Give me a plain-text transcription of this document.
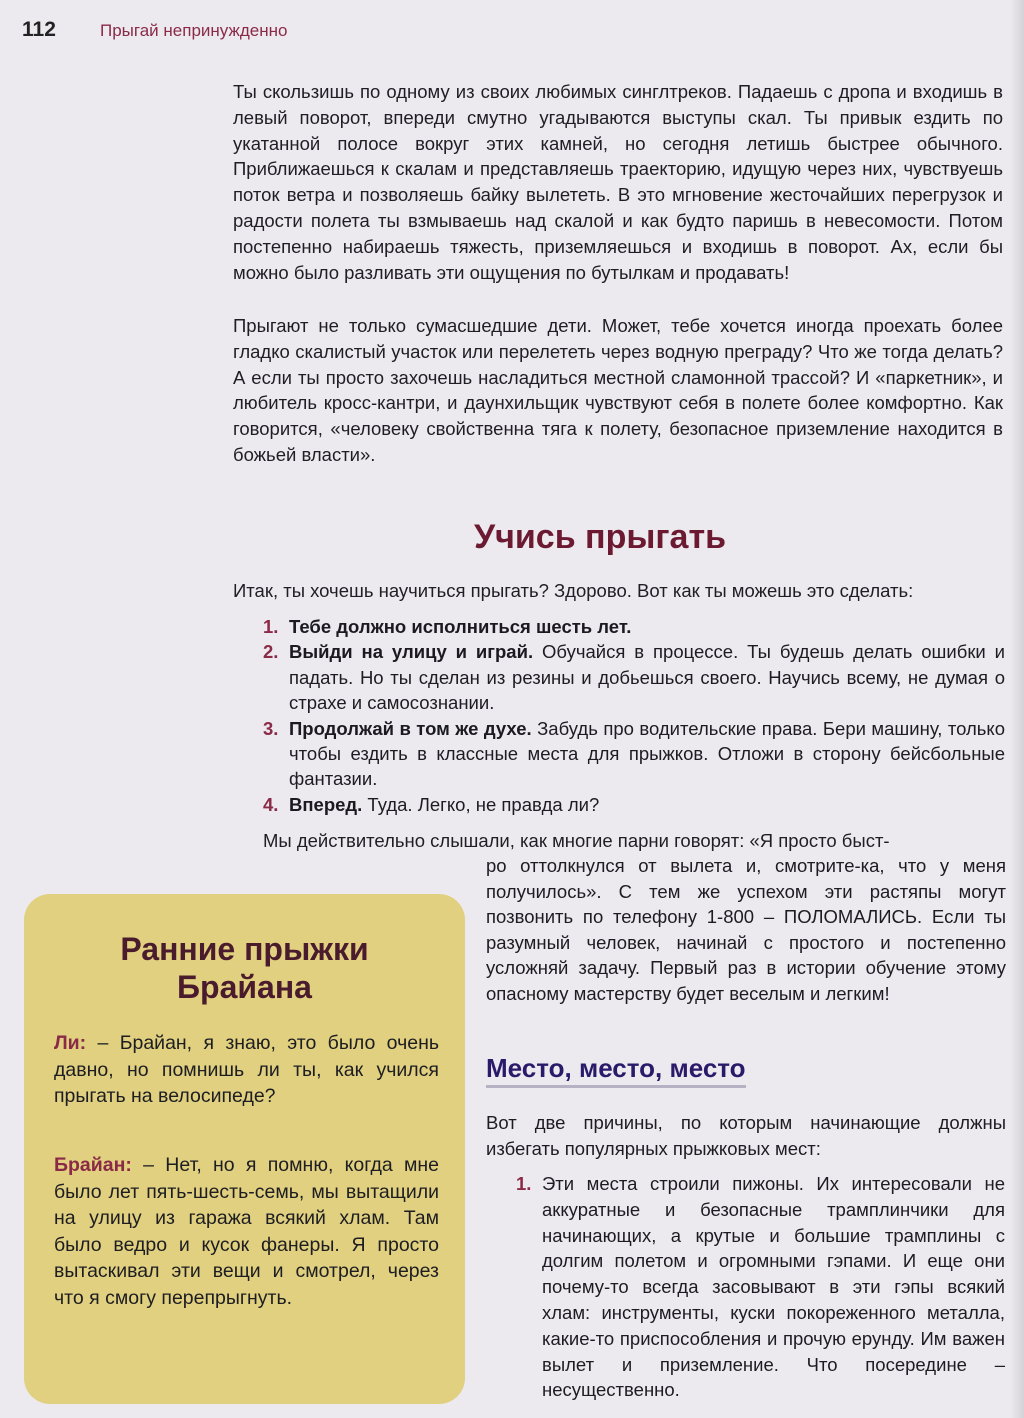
112	Прыгай непринужденно

Ты скользишь по одному из своих любимых синглтреков. Падаешь с дропа и входишь в левый поворот, впереди смутно угадываются выступы скал. Ты привык ездить по укатанной полосе вокруг этих камней, но сегодня летишь быстрее обычного. Приближаешься к скалам и представляешь траекторию, идущую через них, чувствуешь поток ветра и позволяешь байку вылететь. В это мгновение жесточайших перегрузок и радости полета ты взмываешь над скалой и как будто паришь в невесомости. Потом постепенно набираешь тяжесть, приземляешься и входишь в поворот. Ах, если бы можно было разливать эти ощущения по бутылкам и продавать!

Прыгают не только сумасшедшие дети. Может, тебе хочется иногда проехать более гладко скалистый участок или перелететь через водную преграду? Что же тогда делать? А если ты просто захочешь насладиться местной сламонной трассой? И «паркетник», и любитель кросс-кантри, и даунхильщик чувствуют себя в полете более комфортно. Как говорится, «человеку свойственна тяга к полету, безопасное приземление находится в божьей власти».

Учись прыгать

Итак, ты хочешь научиться прыгать? Здорово. Вот как ты можешь это сделать:

1. Тебе должно исполниться шесть лет.
2. Выйди на улицу и играй. Обучайся в процессе. Ты будешь делать ошибки и падать. Но ты сделан из резины и добьешься своего. Научись всему, не думая о страхе и самосознании.
3. Продолжай в том же духе. Забудь про водительские права. Бери машину, только чтобы ездить в классные места для прыжков. Отложи в сторону бейсбольные фантазии.
4. Вперед. Туда. Легко, не правда ли?

Мы действительно слышали, как многие парни говорят: «Я просто быст-

ро оттолкнулся от вылета и, смотрите-ка, что у меня получилось». С тем же успехом эти растяпы могут позвонить по телефону 1-800 – ПОЛОМАЛИСЬ. Если ты разумный человек, начинай с простого и постепенно усложняй задачу. Первый раз в истории обучение этому опасному мастерству будет веселым и легким!

Ранние прыжки
Брайана

Ли: – Брайан, я знаю, это было очень давно, но помнишь ли ты, как учился прыгать на велосипеде?

Брайан: – Нет, но я помню, когда мне было лет пять-шесть-семь, мы вытащили на улицу из гаража всякий хлам. Там было ведро и кусок фанеры. Я просто вытаскивал эти вещи и смотрел, через что я смогу перепрыгнуть.

Место, место, место

Вот две причины, по которым начинающие должны избегать популярных прыжковых мест:

1. Эти места строили пижоны. Их интересовали не аккуратные и безопасные трамплинчики для начинающих, а крутые и большие трамплины с долгим полетом и огромными гэпами. И еще они почему-то всегда засовывают в эти гэпы всякий хлам: инструменты, куски покореженного металла, какие-то приспособления и прочую ерунду. Им важен вылет и приземление. Что посередине – несущественно.
